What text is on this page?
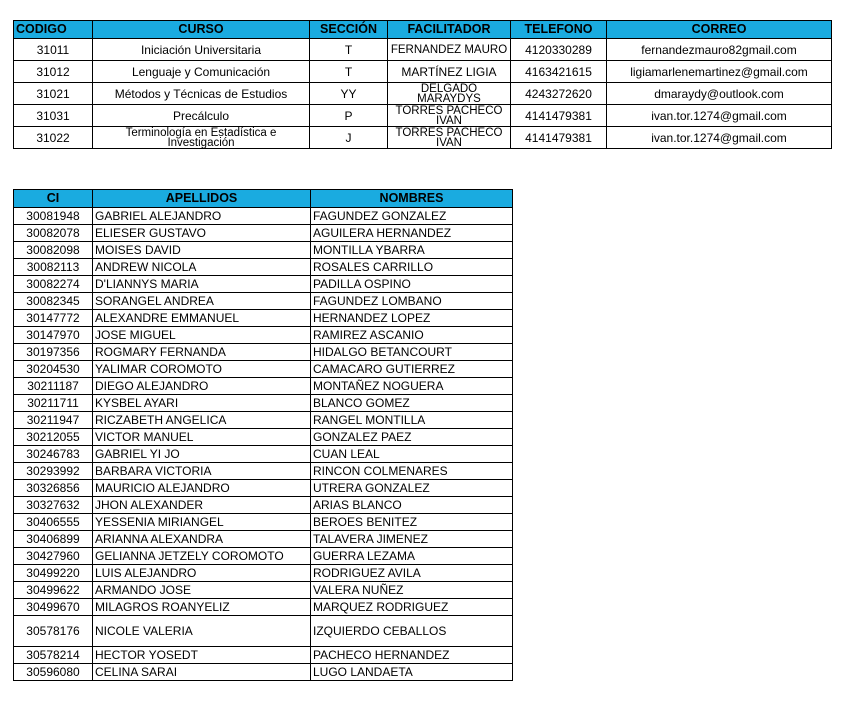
CODIGO	CURSO	SECCIÓN	FACILITADOR	TELEFONO	CORREO
31011	Iniciación Universitaria	T	FERNANDEZ MAURO	4120330289	fernandezmauro82gmail.com
31012	Lenguaje y Comunicación	T	MARTÍNEZ LIGIA	4163421615	ligiamarlenemartinez@gmail.com
31021	Métodos y Técnicas de Estudios	YY	DELGADO MARAYDYS	4243272620	dmaraydy@outlook.com
31031	Precálculo	P	TORRES PACHECO IVAN	4141479381	ivan.tor.1274@gmail.com
31022	Terminología en Estadística e Investigación	J	TORRES PACHECO IVAN	4141479381	ivan.tor.1274@gmail.com
CI	APELLIDOS	NOMBRES
30081948	GABRIEL ALEJANDRO	FAGUNDEZ GONZALEZ
30082078	ELIESER GUSTAVO	AGUILERA HERNANDEZ
30082098	MOISES DAVID	MONTILLA YBARRA
30082113	ANDREW NICOLA	ROSALES CARRILLO
30082274	D'LIANNYS MARIA	PADILLA OSPINO
30082345	SORANGEL ANDREA	FAGUNDEZ LOMBANO
30147772	ALEXANDRE EMMANUEL	HERNANDEZ LOPEZ
30147970	JOSE MIGUEL	RAMIREZ ASCANIO
30197356	ROGMARY FERNANDA	HIDALGO BETANCOURT
30204530	YALIMAR COROMOTO	CAMACARO GUTIERREZ
30211187	DIEGO ALEJANDRO	MONTAÑEZ NOGUERA
30211711	KYSBEL AYARI	BLANCO GOMEZ
30211947	RICZABETH ANGELICA	RANGEL MONTILLA
30212055	VICTOR MANUEL	GONZALEZ PAEZ
30246783	GABRIEL YI JO	CUAN LEAL
30293992	BARBARA VICTORIA	RINCON COLMENARES
30326856	MAURICIO ALEJANDRO	UTRERA GONZALEZ
30327632	JHON ALEXANDER	ARIAS BLANCO
30406555	YESSENIA MIRIANGEL	BEROES BENITEZ
30406899	ARIANNA ALEXANDRA	TALAVERA JIMENEZ
30427960	GELIANNA JETZELY COROMOTO	GUERRA LEZAMA
30499220	LUIS ALEJANDRO	RODRIGUEZ AVILA
30499622	ARMANDO JOSE	VALERA NUÑEZ
30499670	MILAGROS ROANYELIZ	MARQUEZ RODRIGUEZ
30578176	NICOLE VALERIA	IZQUIERDO CEBALLOS
30578214	HECTOR YOSEDT	PACHECO HERNANDEZ
30596080	CELINA SARAI	LUGO LANDAETA
